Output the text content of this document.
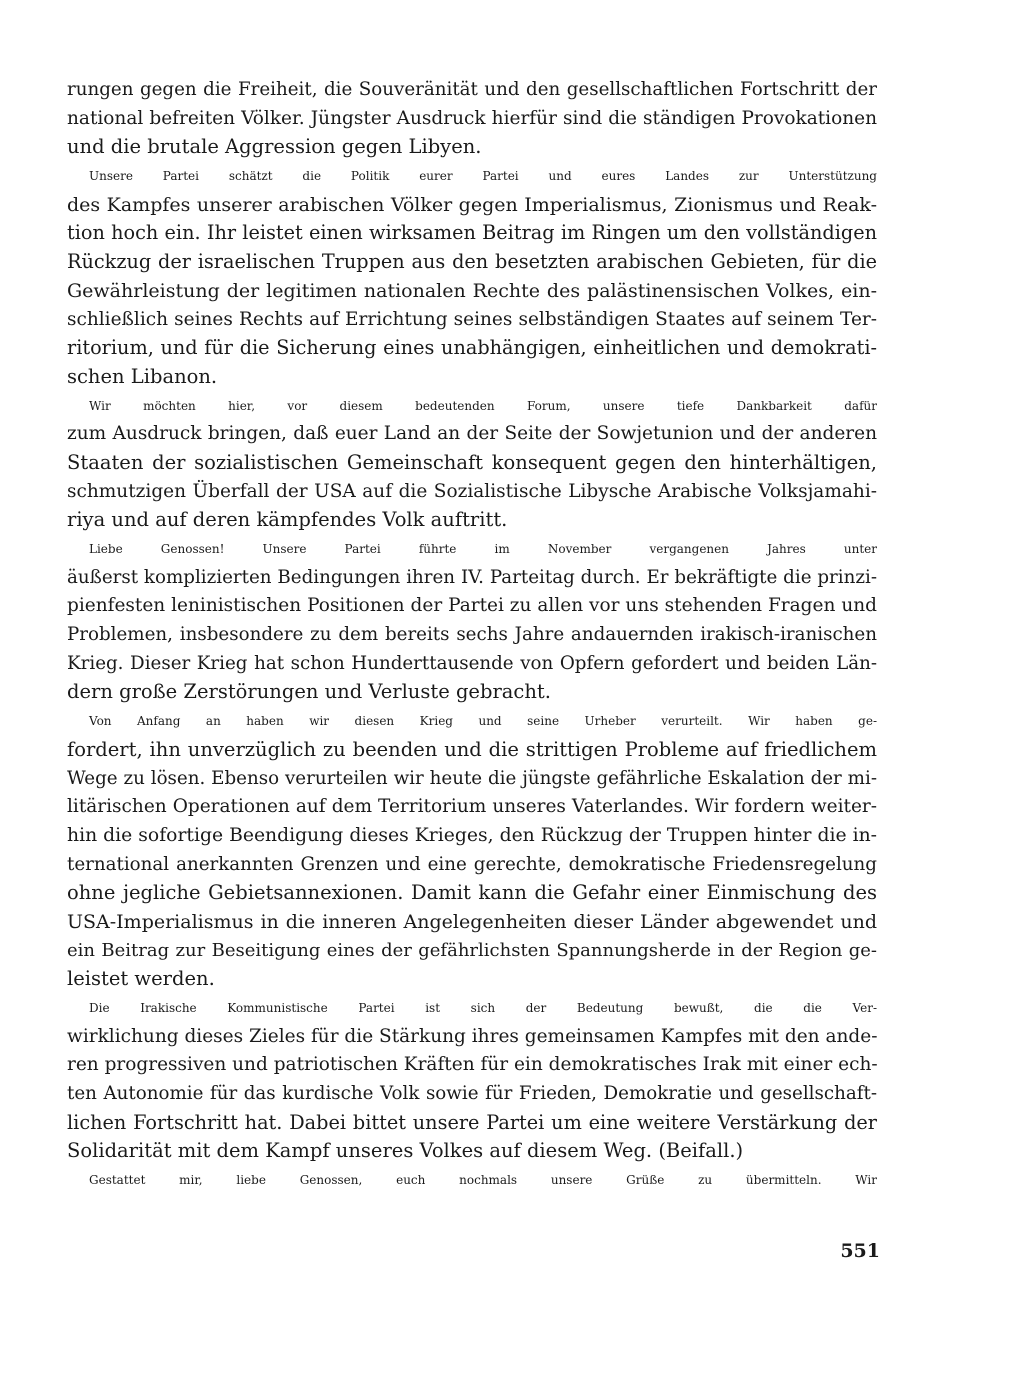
rungen gegen die Freiheit, die Souveränität und den gesellschaftlichen Fortschritt der
national befreiten Völker. Jüngster Ausdruck hierfür sind die ständigen Provokationen
und die brutale Aggression gegen Libyen.
Unsere Partei schätzt die Politik eurer Partei und eures Landes zur Unterstützung
des Kampfes unserer arabischen Völker gegen Imperialismus, Zionismus und Reak-
tion hoch ein. Ihr leistet einen wirksamen Beitrag im Ringen um den vollständigen
Rückzug der israelischen Truppen aus den besetzten arabischen Gebieten, für die
Gewährleistung der legitimen nationalen Rechte des palästinensischen Volkes, ein-
schließlich seines Rechts auf Errichtung seines selbständigen Staates auf seinem Ter-
ritorium, und für die Sicherung eines unabhängigen, einheitlichen und demokrati-
schen Libanon.
Wir möchten hier, vor diesem bedeutenden Forum, unsere tiefe Dankbarkeit dafür
zum Ausdruck bringen, daß euer Land an der Seite der Sowjetunion und der anderen
Staaten der sozialistischen Gemeinschaft konsequent gegen den hinterhältigen,
schmutzigen Überfall der USA auf die Sozialistische Libysche Arabische Volksjamahi-
riya und auf deren kämpfendes Volk auftritt.
Liebe Genossen! Unsere Partei führte im November vergangenen Jahres unter
äußerst komplizierten Bedingungen ihren IV. Parteitag durch. Er bekräftigte die prinzi-
pienfesten leninistischen Positionen der Partei zu allen vor uns stehenden Fragen und
Problemen, insbesondere zu dem bereits sechs Jahre andauernden irakisch-iranischen
Krieg. Dieser Krieg hat schon Hunderttausende von Opfern gefordert und beiden Län-
dern große Zerstörungen und Verluste gebracht.
Von Anfang an haben wir diesen Krieg und seine Urheber verurteilt. Wir haben ge-
fordert, ihn unverzüglich zu beenden und die strittigen Probleme auf friedlichem
Wege zu lösen. Ebenso verurteilen wir heute die jüngste gefährliche Eskalation der mi-
litärischen Operationen auf dem Territorium unseres Vaterlandes. Wir fordern weiter-
hin die sofortige Beendigung dieses Krieges, den Rückzug der Truppen hinter die in-
ternational anerkannten Grenzen und eine gerechte, demokratische Friedensregelung
ohne jegliche Gebietsannexionen. Damit kann die Gefahr einer Einmischung des
USA-Imperialismus in die inneren Angelegenheiten dieser Länder abgewendet und
ein Beitrag zur Beseitigung eines der gefährlichsten Spannungsherde in der Region ge-
leistet werden.
Die Irakische Kommunistische Partei ist sich der Bedeutung bewußt, die die Ver-
wirklichung dieses Zieles für die Stärkung ihres gemeinsamen Kampfes mit den ande-
ren progressiven und patriotischen Kräften für ein demokratisches Irak mit einer ech-
ten Autonomie für das kurdische Volk sowie für Frieden, Demokratie und gesellschaft-
lichen Fortschritt hat. Dabei bittet unsere Partei um eine weitere Verstärkung der
Solidarität mit dem Kampf unseres Volkes auf diesem Weg. (Beifall.)
Gestattet mir, liebe Genossen, euch nochmals unsere Grüße zu übermitteln. Wir
551
